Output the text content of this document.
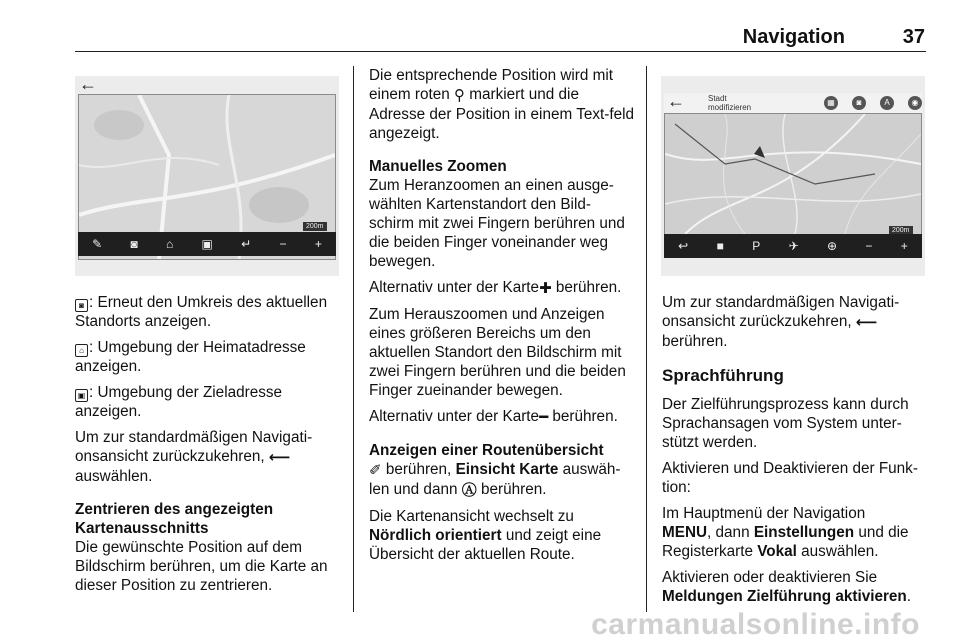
Navigation	37
←
200m
✎ ◙ ⌂ ▣ ↵ − +

◙ : Erneut den Umkreis des aktuellen Standorts anzeigen.

⌂ : Umgebung der Heimatadresse anzeigen.

▣ : Umgebung der Zieladresse anzeigen.

Um zur standardmäßigen Navigati-
onsansicht zurückzukehren, ⟵
auswählen.

Zentrieren des angezeigten Kartenausschnitts

Die gewünschte Position auf dem Bildschirm berühren, um die Karte an dieser Position zu zentrieren.

Die entsprechende Position wird mit einem roten ⚲ markiert und die Adresse der Position in einem Text-feld angezeigt.

Manuelles Zoomen

Zum Heranzoomen an einen ausge-wählten Kartenstandort den Bild-schirm mit zwei Fingern berühren und die beiden Finger voneinander weg bewegen.

Alternativ unter der Karte✚ berühren.

Zum Herauszoomen und Anzeigen eines größeren Bereichs um den aktuellen Standort den Bildschirm mit zwei Fingern berühren und die beiden Finger zueinander bewegen.

Alternativ unter der Karte━ berühren.

Anzeigen einer Routenübersicht

✐ berühren, Einsicht Karte auswäh-len und dann Ⓐ berühren.

Die Kartenansicht wechselt zu Nördlich orientiert und zeigt eine Übersicht der aktuellen Route.

Stadt modifizieren
▦	◙	A	◉
←
200m
↩ ■ P ✈ ⊕ − +

Um zur standardmäßigen Navigati-onsansicht zurückzukehren, ⟵
berühren.

Sprachführung

Der Zielführungsprozess kann durch Sprachansagen vom System unter-stützt werden.

Aktivieren und Deaktivieren der Funk-tion:

Im Hauptmenü der Navigation
MENU, dann Einstellungen und die Registerkarte Vokal auswählen.

Aktivieren oder deaktivieren Sie
Meldungen Zielführung aktivieren.

carmanualsonline.info
